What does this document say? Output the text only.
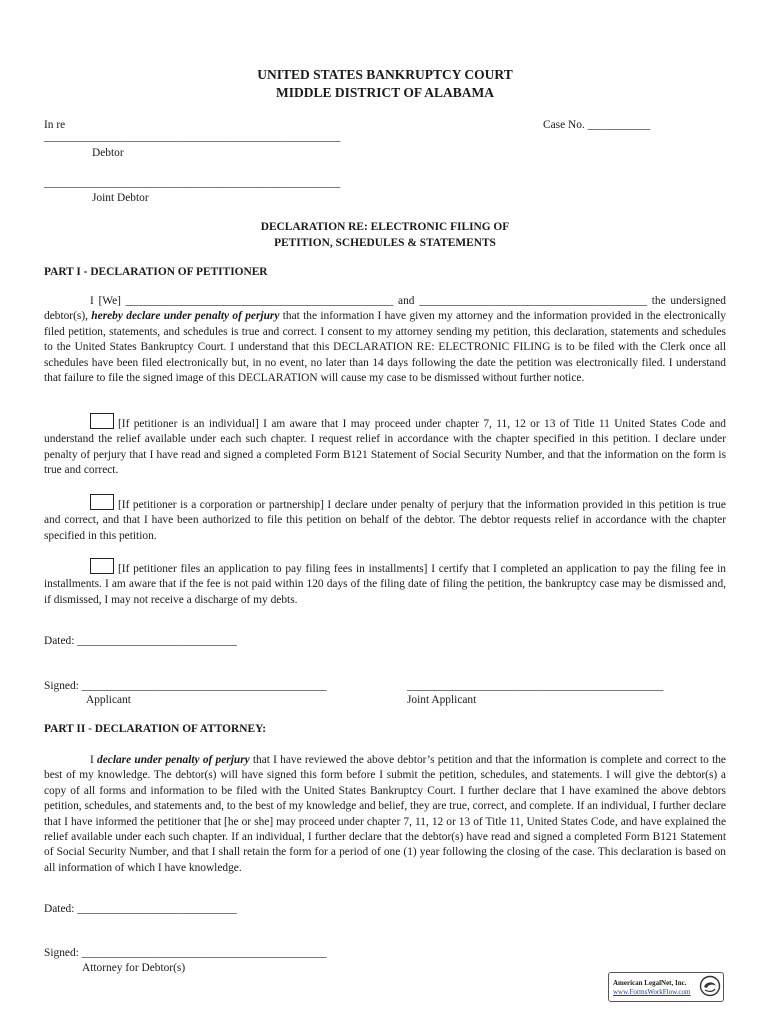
UNITED STATES BANKRUPTCY COURT
MIDDLE DISTRICT OF ALABAMA
In re	Case No. ___________
____________________________________________________
Debtor
____________________________________________________
Joint Debtor
DECLARATION RE: ELECTRONIC FILING OF
PETITION, SCHEDULES & STATEMENTS
PART I - DECLARATION OF PETITIONER
I [We] _______________________________________________ and ________________________________________ the undersigned debtor(s), hereby declare under penalty of perjury that the information I have given my attorney and the information provided in the electronically filed petition, statements, and schedules is true and correct. I consent to my attorney sending my petition, this declaration, statements and schedules to the United States Bankruptcy Court. I understand that this DECLARATION RE: ELECTRONIC FILING is to be filed with the Clerk once all schedules have been filed electronically but, in no event, no later than 14 days following the date the petition was electronically filed. I understand that failure to file the signed image of this DECLARATION will cause my case to be dismissed without further notice.
[If petitioner is an individual] I am aware that I may proceed under chapter 7, 11, 12 or 13 of Title 11 United States Code and understand the relief available under each such chapter. I request relief in accordance with the chapter specified in this petition. I declare under penalty of perjury that I have read and signed a completed Form B121 Statement of Social Security Number, and that the information on the form is true and correct.
[If petitioner is a corporation or partnership] I declare under penalty of perjury that the information provided in this petition is true and correct, and that I have been authorized to file this petition on behalf of the debtor. The debtor requests relief in accordance with the chapter specified in this petition.
[If petitioner files an application to pay filing fees in installments] I certify that I completed an application to pay the filing fee in installments. I am aware that if the fee is not paid within 120 days of the filing date of filing the petition, the bankruptcy case may be dismissed and, if dismissed, I may not receive a discharge of my debts.
Dated: ____________________________
Signed: ___________________________________________	_____________________________________________
Applicant	Joint Applicant
PART II - DECLARATION OF ATTORNEY:
I declare under penalty of perjury that I have reviewed the above debtor’s petition and that the information is complete and correct to the best of my knowledge. The debtor(s) will have signed this form before I submit the petition, schedules, and statements. I will give the debtor(s) a copy of all forms and information to be filed with the United States Bankruptcy Court. I further declare that I have examined the above debtors petition, schedules, and statements and, to the best of my knowledge and belief, they are true, correct, and complete. If an individual, I further declare that I have informed the petitioner that [he or she] may proceed under chapter 7, 11, 12 or 13 of Title 11, United States Code, and have explained the relief available under each such chapter. If an individual, I further declare that the debtor(s) have read and signed a completed Form B121 Statement of Social Security Number, and that I shall retain the form for a period of one (1) year following the closing of the case. This declaration is based on all information of which I have knowledge.
Dated: ____________________________
Signed: ___________________________________________
Attorney for Debtor(s)
American LegalNet, Inc.
www.FormsWorkFlow.com
